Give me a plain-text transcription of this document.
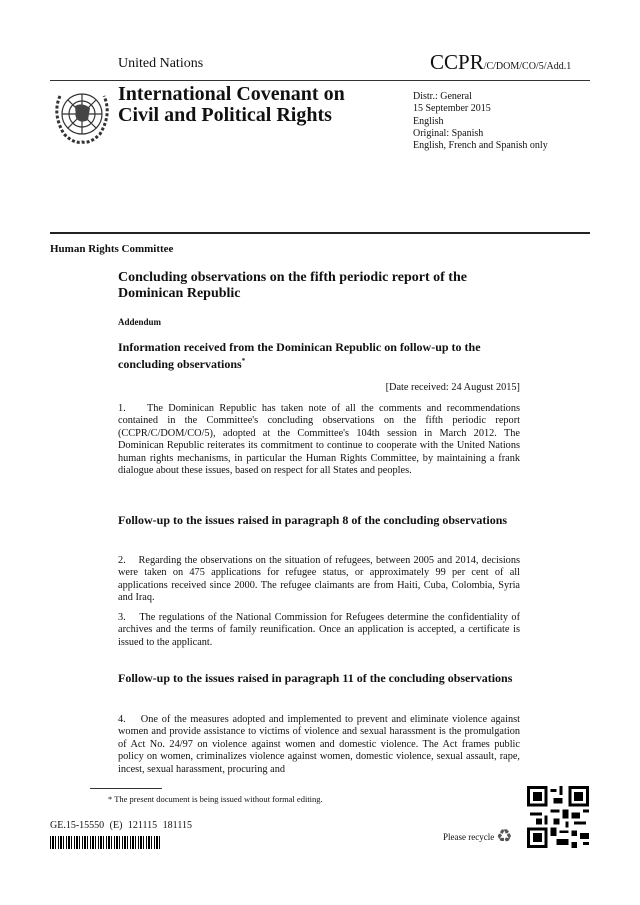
United Nations	CCPR/C/DOM/CO/5/Add.1
International Covenant on
Civil and Political Rights
Distr.: General
15 September 2015
English
Original: Spanish
English, French and Spanish only
Human Rights Committee
Concluding observations on the fifth periodic report of the Dominican Republic
Addendum
Information received from the Dominican Republic on follow-up to the concluding observations*
[Date received: 24 August 2015]

1.    The Dominican Republic has taken note of all the comments and recommendations contained in the Committee's concluding observations on the fifth periodic report (CCPR/C/DOM/CO/5), adopted at the Committee's 104th session in March 2012. The Dominican Republic reiterates its commitment to continue to cooperate with the United Nations human rights mechanisms, in particular the Human Rights Committee, by maintaining a frank dialogue about these issues, based on respect for all States and peoples.

Follow-up to the issues raised in paragraph 8 of the concluding observations

2.    Regarding the observations on the situation of refugees, between 2005 and 2014, decisions were taken on 475 applications for refugee status, or approximately 99 per cent of all applications received since 2000. The refugee claimants are from Haiti, Cuba, Colombia, Syria and Iraq.

3.    The regulations of the National Commission for Refugees determine the confidentiality of archives and the terms of family reunification. Once an application is accepted, a certificate is issued to the applicant.

Follow-up to the issues raised in paragraph 11 of the concluding observations

4.    One of the measures adopted and implemented to prevent and eliminate violence against women and provide assistance to victims of violence and sexual harassment is the promulgation of Act No. 24/97 on violence against women and domestic violence. The Act frames public policy on women, criminalizes violence against women, domestic violence, sexual assault, rape, incest, sexual harassment, procuring and

* The present document is being issued without formal editing.
GE.15-15550 (E) 121115 181115
Please recycle ♻
